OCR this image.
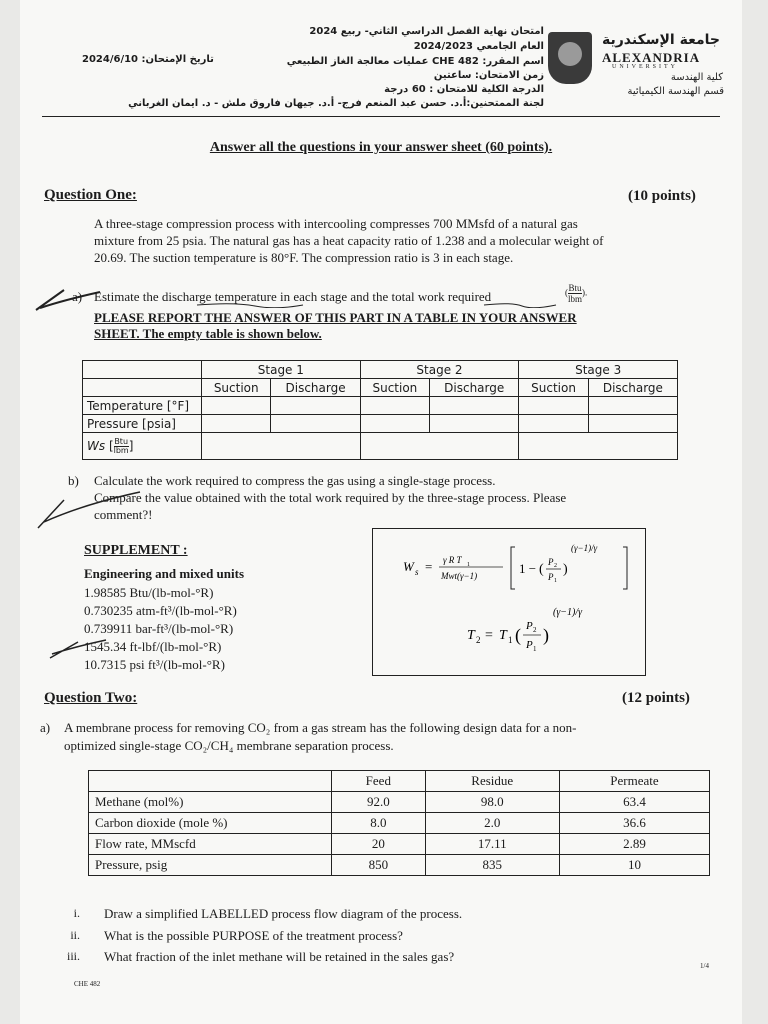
جامعة الإسكندرية
ALEXANDRIA
UNIVERSITY
كلية الهندسة
قسم الهندسة الكيميائية
امتحان نهاية الفصل الدراسي الثاني- ربيع 2024
العام الجامعي 2024/2023
اسم المقرر: CHE 482 عمليات معالجة الغاز الطبيعي
زمن الامتحان: ساعتين
الدرجة الكلية للامتحان : 60 درجة
لجنة الممتحنين:أ.د. حسن عبد المنعم فرج- أ.د. جيهان فاروق ملش - د. ايمان الغرباني
تاريخ الإمتحان: 2024/6/10
Answer all the questions in your answer sheet (60 points).
Question One:	(10 points)
A three-stage compression process with intercooling compresses 700 MMsfd of a natural gas
mixture from 25 psia. The natural gas has a heat capacity ratio of 1.238 and a molecular weight of
20.69. The suction temperature is 80°F. The compression ratio is 3 in each stage.
a) Estimate the discharge temperature in each stage and the total work required	( Btu
lbm
).
PLEASE REPORT THE ANSWER OF THIS PART IN A TABLE IN YOUR ANSWER
SHEET. The empty table is shown below.
	Stage 1		Stage 2		Stage 3	
	Suction	Discharge	Suction	Discharge	Suction	Discharge
Temperature [°F]						
Pressure [psia]						
Ws [ Btu
lbm ]						
b) Calculate the work required to compress the gas using a single-stage process.
Compare the value obtained with the total work required by the three-stage process. Please
comment?!
SUPPLEMENT :
Engineering and mixed units
1.98585 Btu/(lb-mol-°R)
0.730235 atm-ft³/(lb-mol-°R)
0.739911 bar-ft³/(lb-mol-°R)
1545.34 ft-lbf/(lb-mol-°R)
10.7315 psi ft³/(lb-mol-°R)
W s = γ R T 1
Mwt(γ−1)	1 − ( P 2
P 1
)
(γ−1)/γ
T 2 = T 1 ( P 2
P 1
)
(γ−1)/γ
Question Two:	(12 points)
a) A membrane process for removing CO₂ from a gas stream has the following design data for a non-
optimized single-stage CO₂/CH₄ membrane separation process.
	Feed	Residue	Permeate
Methane (mol%)	92.0	98.0	63.4
Carbon dioxide (mole %)	8.0	2.0	36.6
Flow rate, MMscfd	20	17.11	2.89
Pressure, psig	850	835	10
i. Draw a simplified LABELLED process flow diagram of the process.
ii. What is the possible PURPOSE of the treatment process?
iii. What fraction of the inlet methane will be retained in the sales gas?
CHE 482
1/4
